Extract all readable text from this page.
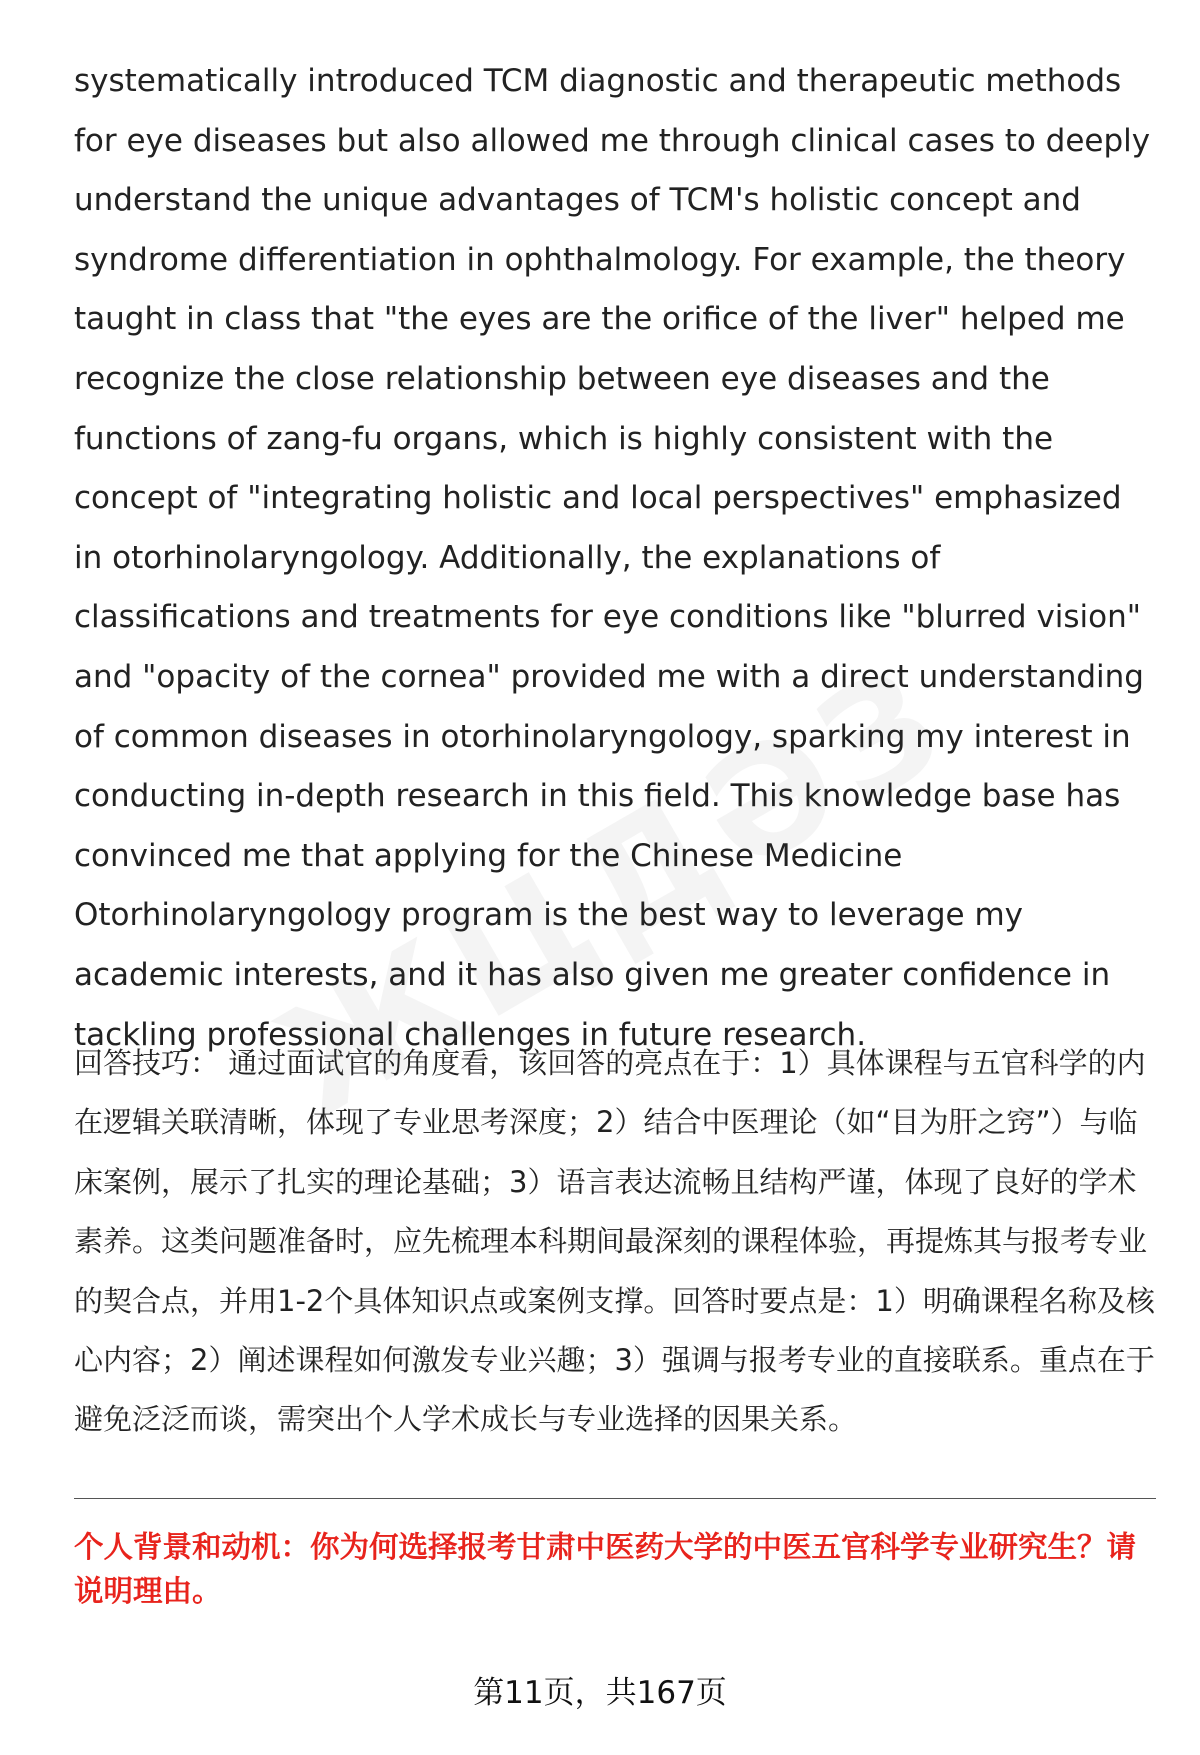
systematically introduced TCM diagnostic and therapeutic methods for eye diseases but also allowed me through clinical cases to deeply understand the unique advantages of TCM's holistic concept and syndrome differentiation in ophthalmology. For example, the theory taught in class that "the eyes are the orifice of the liver" helped me recognize the close relationship between eye diseases and the functions of zang-fu organs, which is highly consistent with the concept of "integrating holistic and local perspectives" emphasized in otorhinolaryngology. Additionally, the explanations of classifications and treatments for eye conditions like "blurred vision" and "opacity of the cornea" provided me with a direct understanding of common diseases in otorhinolaryngology, sparking my interest in conducting in-depth research in this field. This knowledge base has convinced me that applying for the Chinese Medicine Otorhinolaryngology program is the best way to leverage my academic interests, and it has also given me greater confidence in tackling professional challenges in future research.

回答技巧： 通过面试官的角度看，该回答的亮点在于：1）具体课程与五官科学的内在逻辑关联清晰，体现了专业思考深度；2）结合中医理论（如“目为肝之窍”）与临床案例，展示了扎实的理论基础；3）语言表达流畅且结构严谨，体现了良好的学术素养。这类问题准备时，应先梳理本科期间最深刻的课程体验，再提炼其与报考专业的契合点，并用1-2个具体知识点或案例支撑。回答时要点是：1）明确课程名称及核心内容；2）阐述课程如何激发专业兴趣；3）强调与报考专业的直接联系。重点在于避免泛泛而谈，需突出个人学术成长与专业选择的因果关系。

个人背景和动机：你为何选择报考甘肃中医药大学的中医五官科学专业研究生？请说明理由。

第11页，共167页
